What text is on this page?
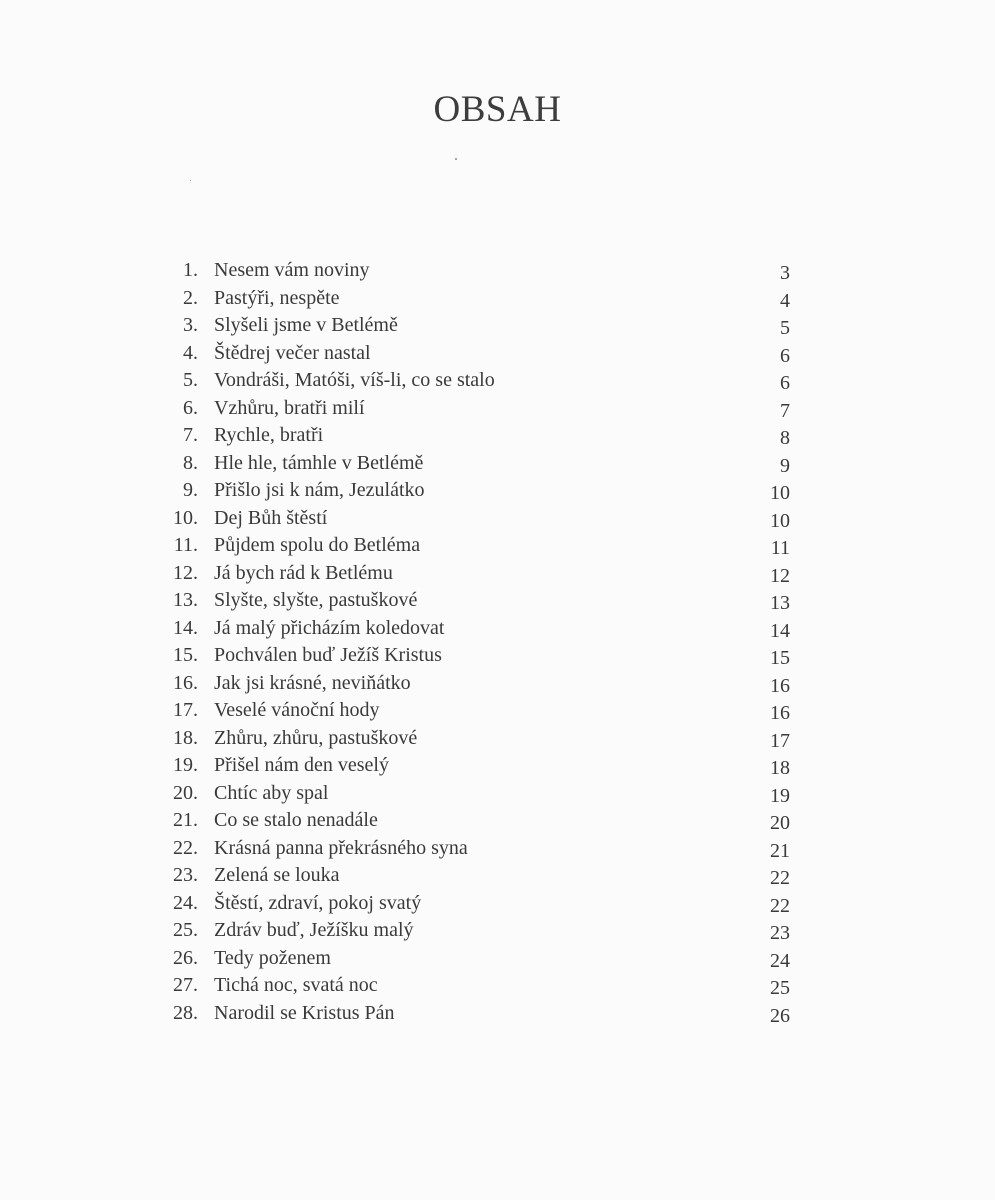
OBSAH
1. Nesem vám noviny	3
2. Pastýři, nespěte	4
3. Slyšeli jsme v Betlémě	5
4. Štědrej večer nastal	6
5. Vondráši, Matóši, víš-li, co se stalo	6
6. Vzhůru, bratři milí	7
7. Rychle, bratři	8
8. Hle hle, támhle v Betlémě	9
9. Přišlo jsi k nám, Jezulátko	10
10. Dej Bůh štěstí	10
11. Půjdem spolu do Betléma	11
12. Já bych rád k Betlému	12
13. Slyšte, slyšte, pastuškové	13
14. Já malý přicházím koledovat	14
15. Pochválen buď Ježíš Kristus	15
16. Jak jsi krásné, neviňátko	16
17. Veselé vánoční hody	16
18. Zhůru, zhůru, pastuškové	17
19. Přišel nám den veselý	18
20. Chtíc aby spal	19
21. Co se stalo nenadále	20
22. Krásná panna překrásného syna	21
23. Zelená se louka	22
24. Štěstí, zdraví, pokoj svatý	22
25. Zdráv buď, Ježíšku malý	23
26. Tedy poženem	24
27. Tichá noc, svatá noc	25
28. Narodil se Kristus Pán	26
